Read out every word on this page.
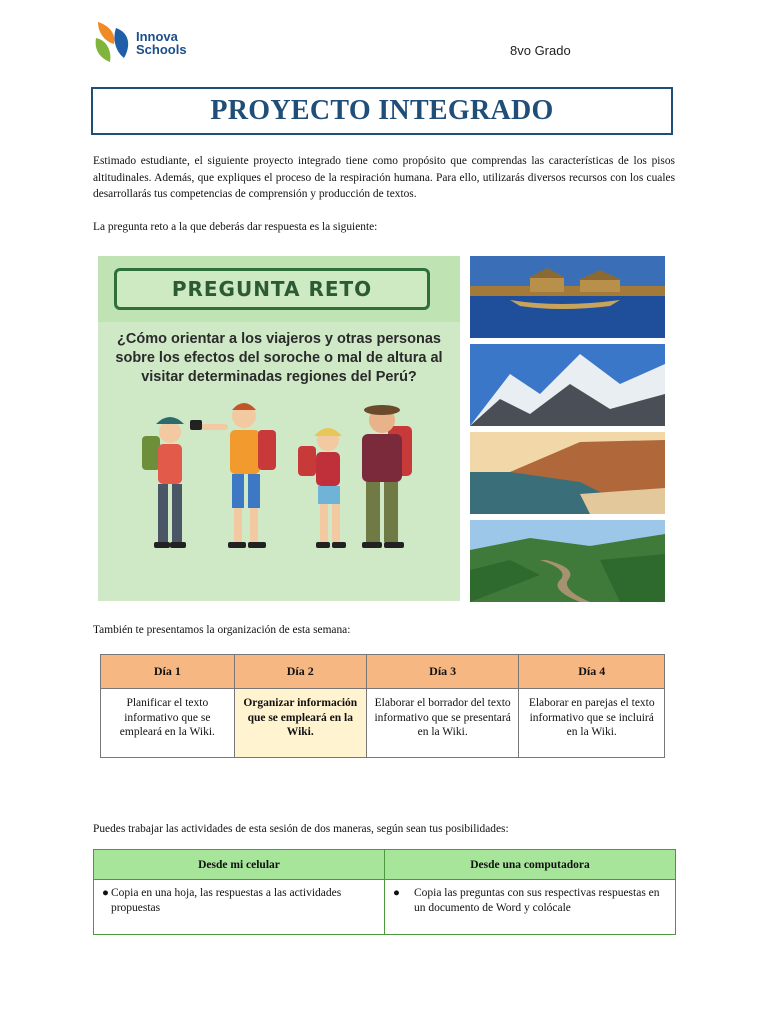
Innova
Schools	8vo Grado
PROYECTO INTEGRADO
Estimado estudiante, el siguiente proyecto integrado tiene como propósito que comprendas las características de los pisos altitudinales. Además, que expliques el proceso de la respiración humana. Para ello, utilizarás diversos recursos con los cuales desarrollarás tus competencias de comprensión y producción de textos.
La pregunta reto a la que deberás dar respuesta es la siguiente:
PREGUNTA RETO
¿Cómo orientar a los viajeros y otras personas
sobre los efectos del soroche o mal de altura al
visitar determinadas regiones del Perú?
También te presentamos la organización de esta semana:
Día 1	Día 2	Día 3	Día 4
Planificar el texto informativo que se empleará en la Wiki.	Organizar información que se empleará en la Wiki.	Elaborar el borrador del texto informativo que se presentará en la Wiki.	Elaborar en parejas el texto informativo que se incluirá en la Wiki.
Puedes trabajar las actividades de esta sesión de dos maneras, según sean tus posibilidades:
Desde mi celular	Desde una computadora

● Copia en una hoja, las respuestas a las actividades propuestas	● Copia las preguntas con sus respectivas respuestas en un documento de Word y colócale
